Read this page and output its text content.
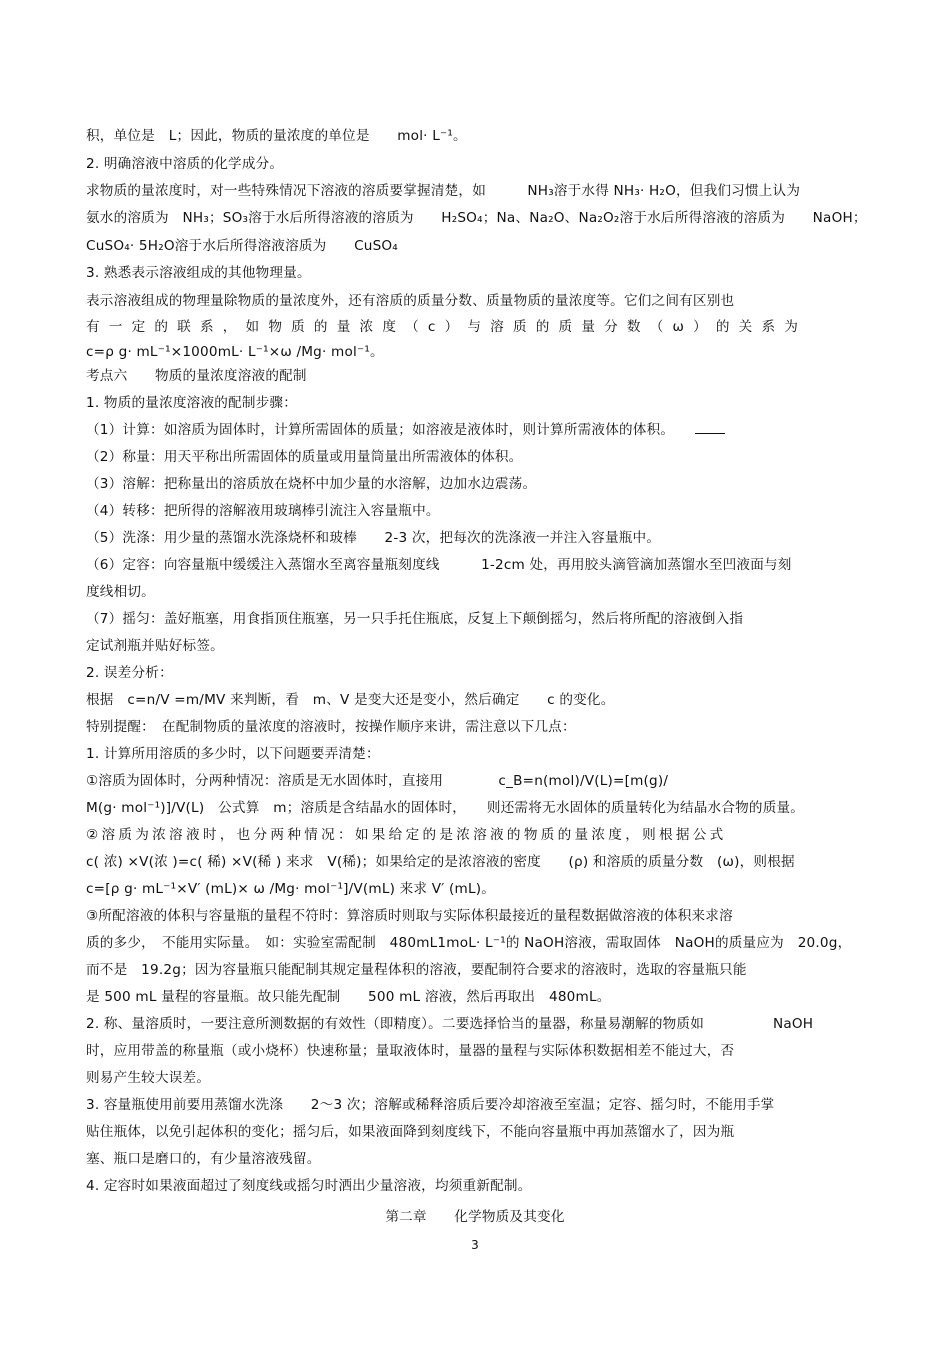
积，单位是　L；因此，物质的量浓度的单位是　　mol· L⁻¹。
2. 明确溶液中溶质的化学成分。
求物质的量浓度时，对一些特殊情况下溶液的溶质要掌握清楚，如　　　NH₃溶于水得 NH₃· H₂O，但我们习惯上认为
氨水的溶质为　NH₃；SO₃溶于水后所得溶液的溶质为　　H₂SO₄；Na、Na₂O、Na₂O₂溶于水后所得溶液的溶质为　　NaOH；
CuSO₄· 5H₂O溶于水后所得溶液溶质为　　CuSO₄
3. 熟悉表示溶液组成的其他物理量。
表示溶液组成的物理量除物质的量浓度外，还有溶质的质量分数、质量物质的量浓度等。它们之间有区别也
有一定的联系，如物质的量浓度（c）与溶质的质量分数（ω）的关系为
c=ρ g· mL⁻¹×1000mL· L⁻¹×ω /Mg· mol⁻¹。
考点六　　物质的量浓度溶液的配制
1. 物质的量浓度溶液的配制步骤：
（1）计算：如溶质为固体时，计算所需固体的质量；如溶液是液体时，则计算所需液体的体积。　　
（2）称量：用天平称出所需固体的质量或用量筒量出所需液体的体积。
（3）溶解：把称量出的溶质放在烧杯中加少量的水溶解，边加水边震荡。
（4）转移：把所得的溶解液用玻璃棒引流注入容量瓶中。
（5）洗涤：用少量的蒸馏水洗涤烧杯和玻棒　　2-3 次，把每次的洗涤液一并注入容量瓶中。
（6）定容：向容量瓶中缓缓注入蒸馏水至离容量瓶刻度线　　　1-2cm 处，再用胶头滴管滴加蒸馏水至凹液面与刻
度线相切。
（7）摇匀：盖好瓶塞，用食指顶住瓶塞，另一只手托住瓶底，反复上下颠倒摇匀，然后将所配的溶液倒入指
定试剂瓶并贴好标签。
2. 误差分析：
根据　c=n/V =m/MV 来判断，看　m、V 是变大还是变小，然后确定　　c 的变化。
特别提醒：　在配制物质的量浓度的溶液时，按操作顺序来讲，需注意以下几点：
1. 计算所用溶质的多少时，以下问题要弄清楚：
①溶质为固体时，分两种情况：溶质是无水固体时，直接用　　　　c_B=n(mol)/V(L)=[m(g)/
M(g· mol⁻¹)]/V(L)　公式算　m；溶质是含结晶水的固体时，　　则还需将无水固体的质量转化为结晶水合物的质量。
②溶质为浓溶液时，也分两种情况：如果给定的是浓溶液的物质的量浓度，则根据公式
c( 浓) ×V(浓 )=c( 稀) ×V(稀 ) 来求　V(稀)；如果给定的是浓溶液的密度　　(ρ) 和溶质的质量分数　(ω)，则根据
c=[ρ g· mL⁻¹×V′ (mL)× ω /Mg· mol⁻¹]/V(mL) 来求 V′ (mL)。
③所配溶液的体积与容量瓶的量程不符时：算溶质时则取与实际体积最接近的量程数据做溶液的体积来求溶
质的多少，　不能用实际量。　如：实验室需配制　480mL1moL· L⁻¹的 NaOH溶液，需取固体　NaOH的质量应为　20.0g，
而不是　19.2g；因为容量瓶只能配制其规定量程体积的溶液，要配制符合要求的溶液时，选取的容量瓶只能
是 500 mL 量程的容量瓶。故只能先配制　　500 mL 溶液，然后再取出　480mL。
2. 称、量溶质时，一要注意所测数据的有效性（即精度）。二要选择恰当的量器，称量易潮解的物质如　　　　　NaOH
时，应用带盖的称量瓶（或小烧杯）快速称量；量取液体时，量器的量程与实际体积数据相差不能过大，否
则易产生较大误差。
3. 容量瓶使用前要用蒸馏水洗涤　　2～3 次；溶解或稀释溶质后要冷却溶液至室温；定容、摇匀时，不能用手掌
贴住瓶体，以免引起体积的变化；摇匀后，如果液面降到刻度线下，不能向容量瓶中再加蒸馏水了，因为瓶
塞、瓶口是磨口的，有少量溶液残留。
4. 定容时如果液面超过了刻度线或摇匀时洒出少量溶液，均须重新配制。
第二章　　化学物质及其变化
3
